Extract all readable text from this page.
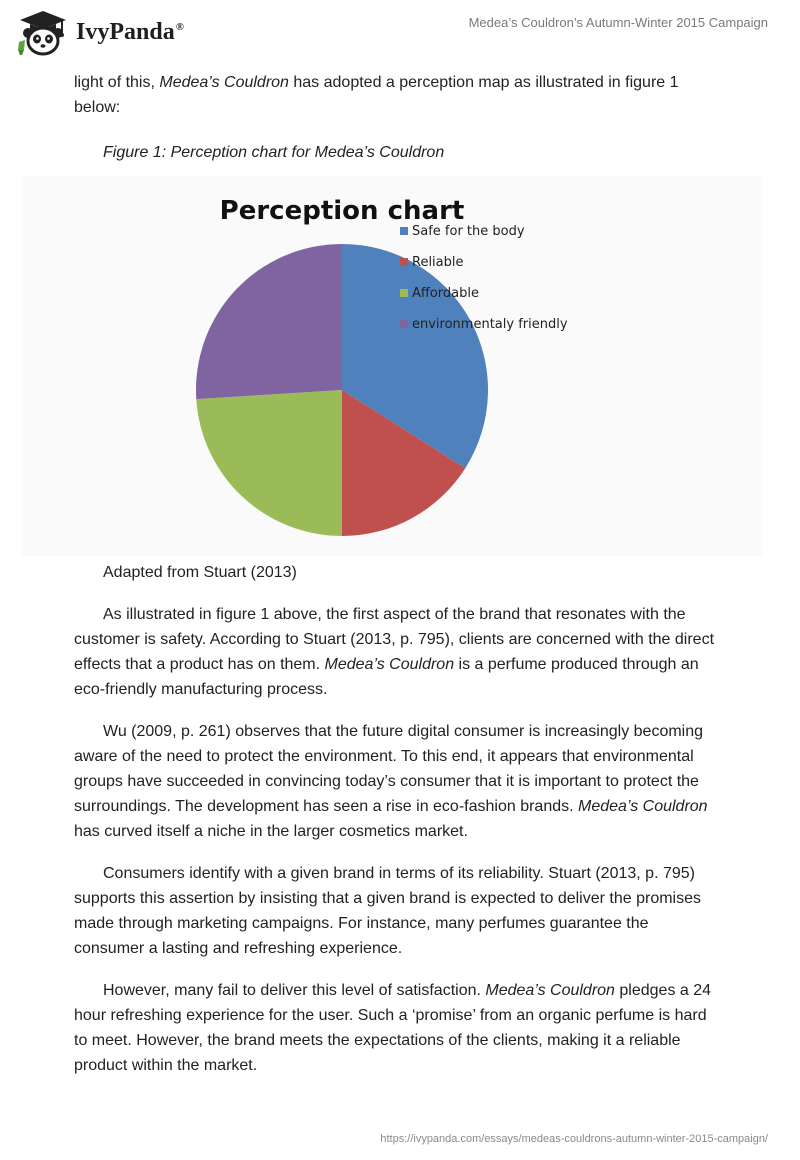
IvyPanda®	Medea’s Couldron’s Autumn-Winter 2015 Campaign

light of this, Medea’s Couldron has adopted a perception map as illustrated in figure 1 below:

Figure 1: Perception chart for Medea’s Couldron

Perception chart
Safe for the body
Reliable
Affordable
environmentaly friendly

Adapted from Stuart (2013)

As illustrated in figure 1 above, the first aspect of the brand that resonates with the customer is safety. According to Stuart (2013, p. 795), clients are concerned with the direct effects that a product has on them. Medea’s Couldron is a perfume produced through an eco-friendly manufacturing process.

Wu (2009, p. 261) observes that the future digital consumer is increasingly becoming aware of the need to protect the environment. To this end, it appears that environmental groups have succeeded in convincing today’s consumer that it is important to protect the surroundings. The development has seen a rise in eco-fashion brands. Medea’s Couldron has curved itself a niche in the larger cosmetics market.

Consumers identify with a given brand in terms of its reliability. Stuart (2013, p. 795) supports this assertion by insisting that a given brand is expected to deliver the promises made through marketing campaigns. For instance, many perfumes guarantee the consumer a lasting and refreshing experience.

However, many fail to deliver this level of satisfaction. Medea’s Couldron pledges a 24 hour refreshing experience for the user. Such a ‘promise’ from an organic perfume is hard to meet. However, the brand meets the expectations of the clients, making it a reliable product within the market.

https://ivypanda.com/essays/medeas-couldrons-autumn-winter-2015-campaign/
